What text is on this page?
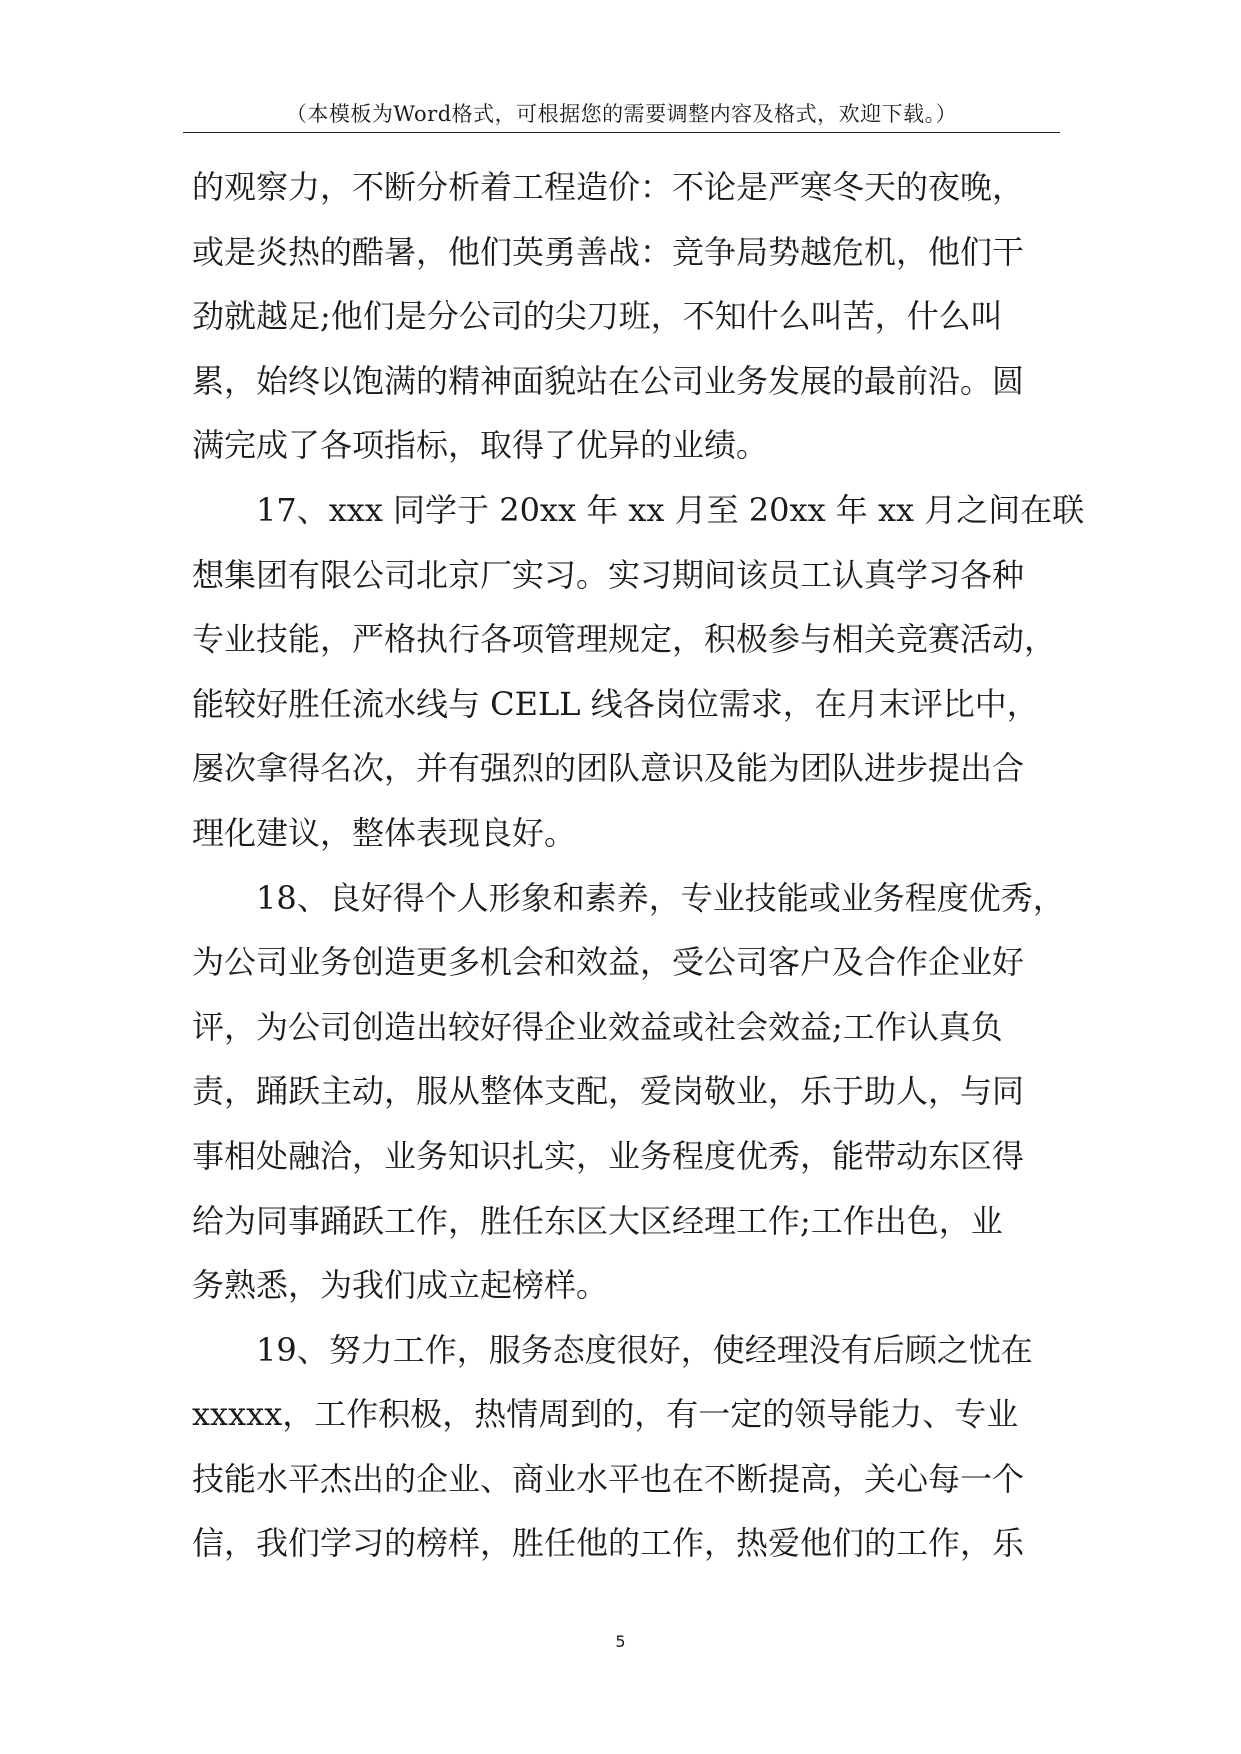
（本模板为Word格式，可根据您的需要调整内容及格式，欢迎下载。）
的观察力，不断分析着工程造价：不论是严寒冬天的夜晚，
或是炎热的酷暑，他们英勇善战：竞争局势越危机，他们干
劲就越足;他们是分公司的尖刀班，不知什么叫苦，什么叫
累，始终以饱满的精神面貌站在公司业务发展的最前沿。圆
满完成了各项指标，取得了优异的业绩。
17、xxx 同学于 20xx 年 xx 月至 20xx 年 xx 月之间在联
想集团有限公司北京厂实习。实习期间该员工认真学习各种
专业技能，严格执行各项管理规定，积极参与相关竞赛活动，
能较好胜任流水线与 CELL 线各岗位需求，在月末评比中，
屡次拿得名次，并有强烈的团队意识及能为团队进步提出合
理化建议，整体表现良好。
18、良好得个人形象和素养，专业技能或业务程度优秀，
为公司业务创造更多机会和效益，受公司客户及合作企业好
评，为公司创造出较好得企业效益或社会效益;工作认真负
责，踊跃主动，服从整体支配，爱岗敬业，乐于助人，与同
事相处融洽，业务知识扎实，业务程度优秀，能带动东区得
给为同事踊跃工作，胜任东区大区经理工作;工作出色，业
务熟悉，为我们成立起榜样。
19、努力工作，服务态度很好，使经理没有后顾之忧在
xxxxx，工作积极，热情周到的，有一定的领导能力、专业
技能水平杰出的企业、商业水平也在不断提高，关心每一个
信，我们学习的榜样，胜任他的工作，热爱他们的工作，乐
5
